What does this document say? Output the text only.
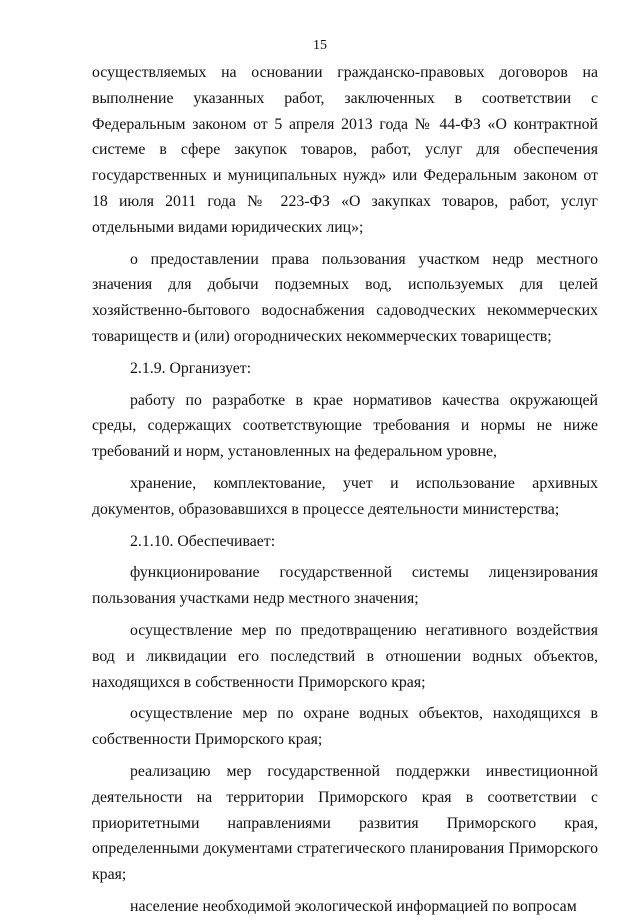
15

осуществляемых на основании гражданско-правовых договоров на выполнение указанных работ, заключенных в соответствии с Федеральным законом от 5 апреля 2013 года № 44-ФЗ «О контрактной системе в сфере закупок товаров, работ, услуг для обеспечения государственных и муниципальных нужд» или Федеральным законом от 18 июля 2011 года № 223-ФЗ «О закупках товаров, работ, услуг отдельными видами юридических лиц»;

о предоставлении права пользования участком недр местного значения для добычи подземных вод, используемых для целей хозяйственно-бытового водоснабжения садоводческих некоммерческих товариществ и (или) огороднических некоммерческих товариществ;

2.1.9. Организует:

работу по разработке в крае нормативов качества окружающей среды, содержащих соответствующие требования и нормы не ниже требований и норм, установленных на федеральном уровне,

хранение, комплектование, учет и использование архивных документов, образовавшихся в процессе деятельности министерства;

2.1.10. Обеспечивает:

функционирование государственной системы лицензирования пользования участками недр местного значения;

осуществление мер по предотвращению негативного воздействия вод и ликвидации его последствий в отношении водных объектов, находящихся в собственности Приморского края;

осуществление мер по охране водных объектов, находящихся в собственности Приморского края;

реализацию мер государственной поддержки инвестиционной деятельности на территории Приморского края в соответствии с приоритетными направлениями развития Приморского края, определенными документами стратегического планирования Приморского края;

население необходимой экологической информацией по вопросам
